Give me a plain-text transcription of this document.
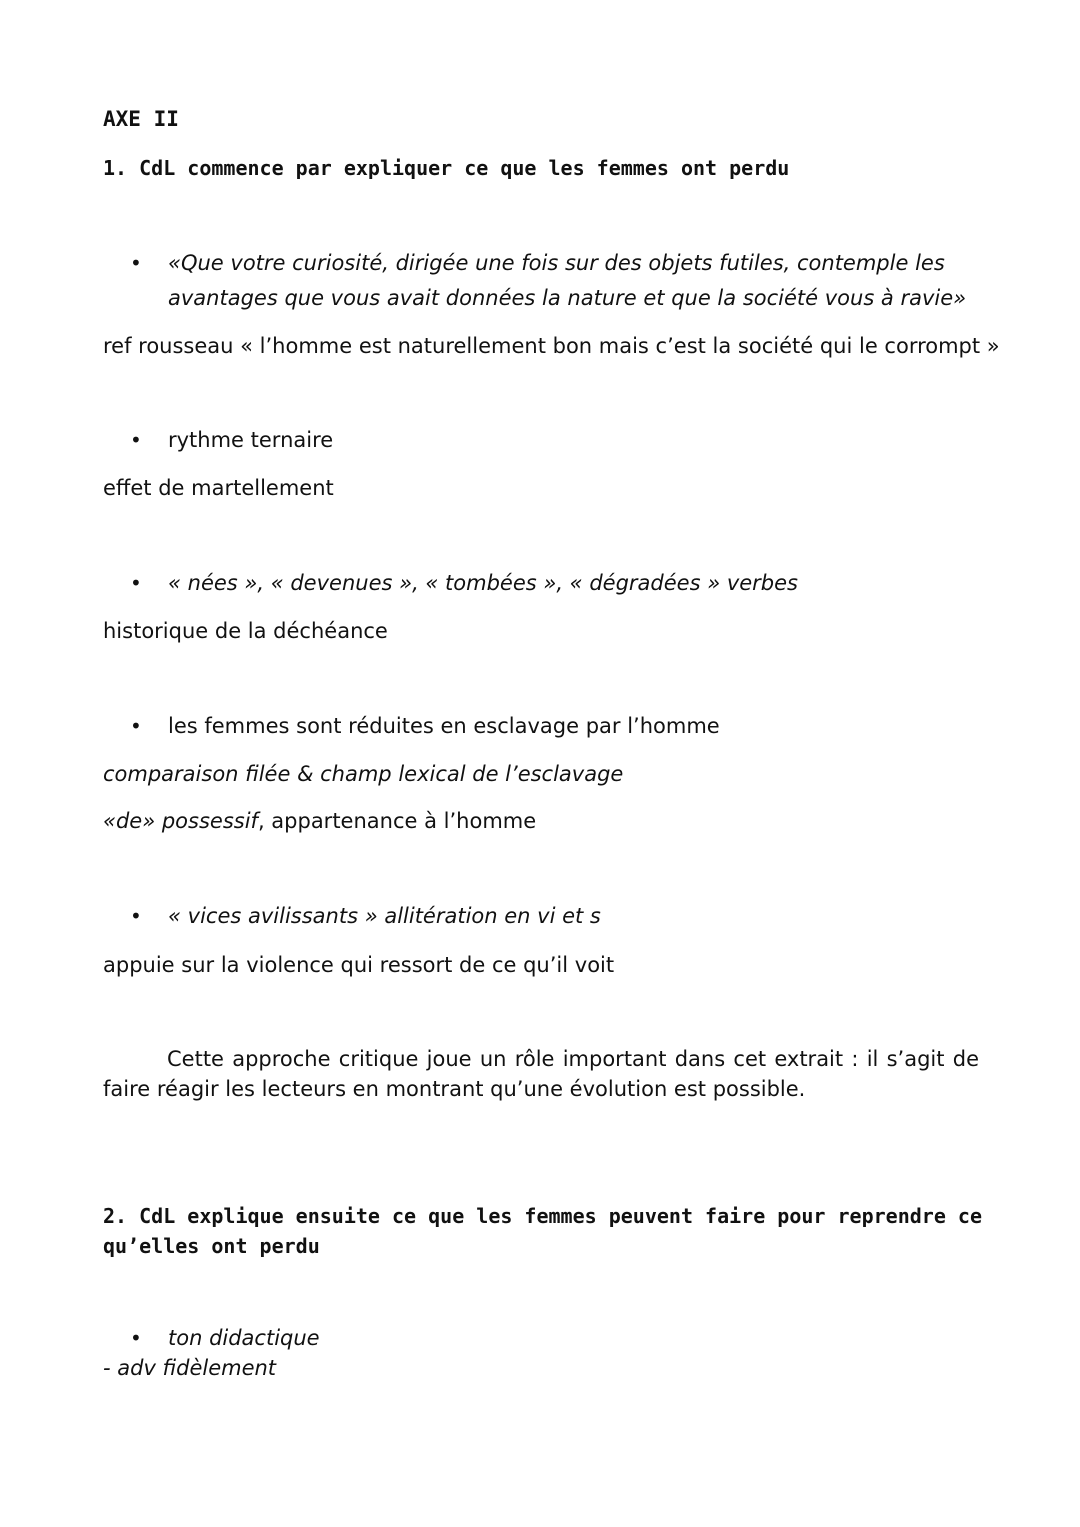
AXE II
1. CdL commence par expliquer ce que les femmes ont perdu
•	«Que votre curiosité, dirigée une fois sur des objets futiles, contemple les
avantages que vous avait données la nature et que la société vous à ravie»
ref rousseau « l’homme est naturellement bon mais c’est la société qui le corrompt »
•	rythme ternaire
effet de martellement
•	« nées », « devenues », « tombées », « dégradées » verbes
historique de la déchéance
•	les femmes sont réduites en esclavage par l’homme
comparaison filée & champ lexical de l’esclavage
«de» possessif, appartenance à l’homme
•	« vices avilissants » allitération en vi et s
appuie sur la violence qui ressort de ce qu’il voit
Cette approche critique joue un rôle important dans cet extrait : il s’agit de faire réagir les lecteurs en montrant qu’une évolution est possible.
2. CdL explique ensuite ce que les femmes peuvent faire pour reprendre ce
qu’elles ont perdu
•	ton didactique
- adv fidèlement
